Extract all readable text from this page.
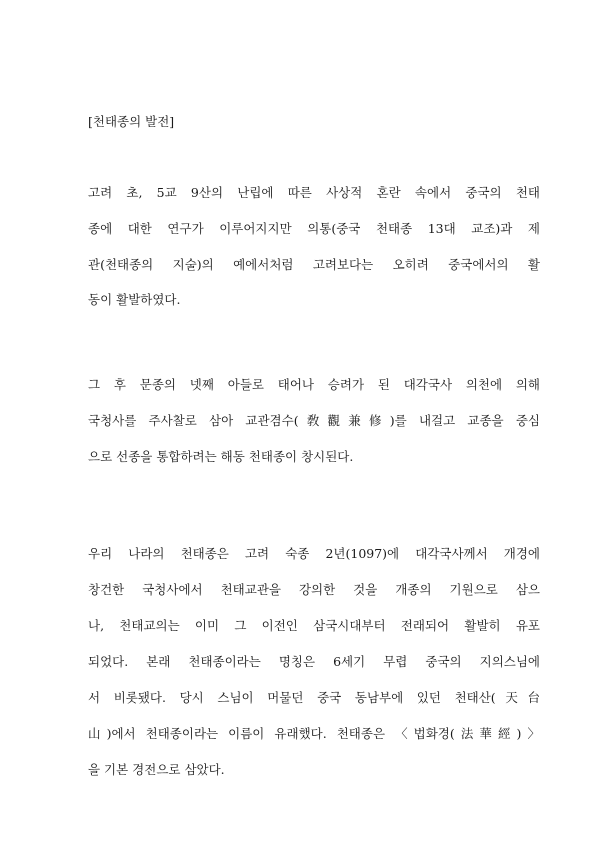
[천태종의 발전]
고려 초, 5교 9산의 난립에 따른 사상적 혼란 속에서 중국의 천태
종에 대한 연구가 이루어지지만 의통(중국 천태종 13대 교조)과 제
관(천태종의 지술)의 예에서처럼 고려보다는 오히려 중국에서의 활
동이 활발하였다.
그 후 문종의 넷째 아들로 태어나 승려가 된 대각국사 의천에 의해
국청사를 주사찰로 삼아 교관겸수(敎觀兼修)를 내걸고 교종을 중심
으로 선종을 통합하려는 해동 천태종이 창시된다.
우리 나라의 천태종은 고려 숙종 2년(1097)에 대각국사께서 개경에
창건한 국청사에서 천태교관을 강의한 것을 개종의 기원으로 삼으
나, 천태교의는 이미 그 이전인 삼국시대부터 전래되어 활발히 유포
되었다. 본래 천태종이라는 명칭은 6세기 무렵 중국의 지의스님에
서 비롯됐다. 당시 스님이 머물던 중국 동남부에 있던 천태산(天台
山)에서 천태종이라는 이름이 유래했다. 천태종은 〈법화경(法華經)〉
을 기본 경전으로 삼았다.
